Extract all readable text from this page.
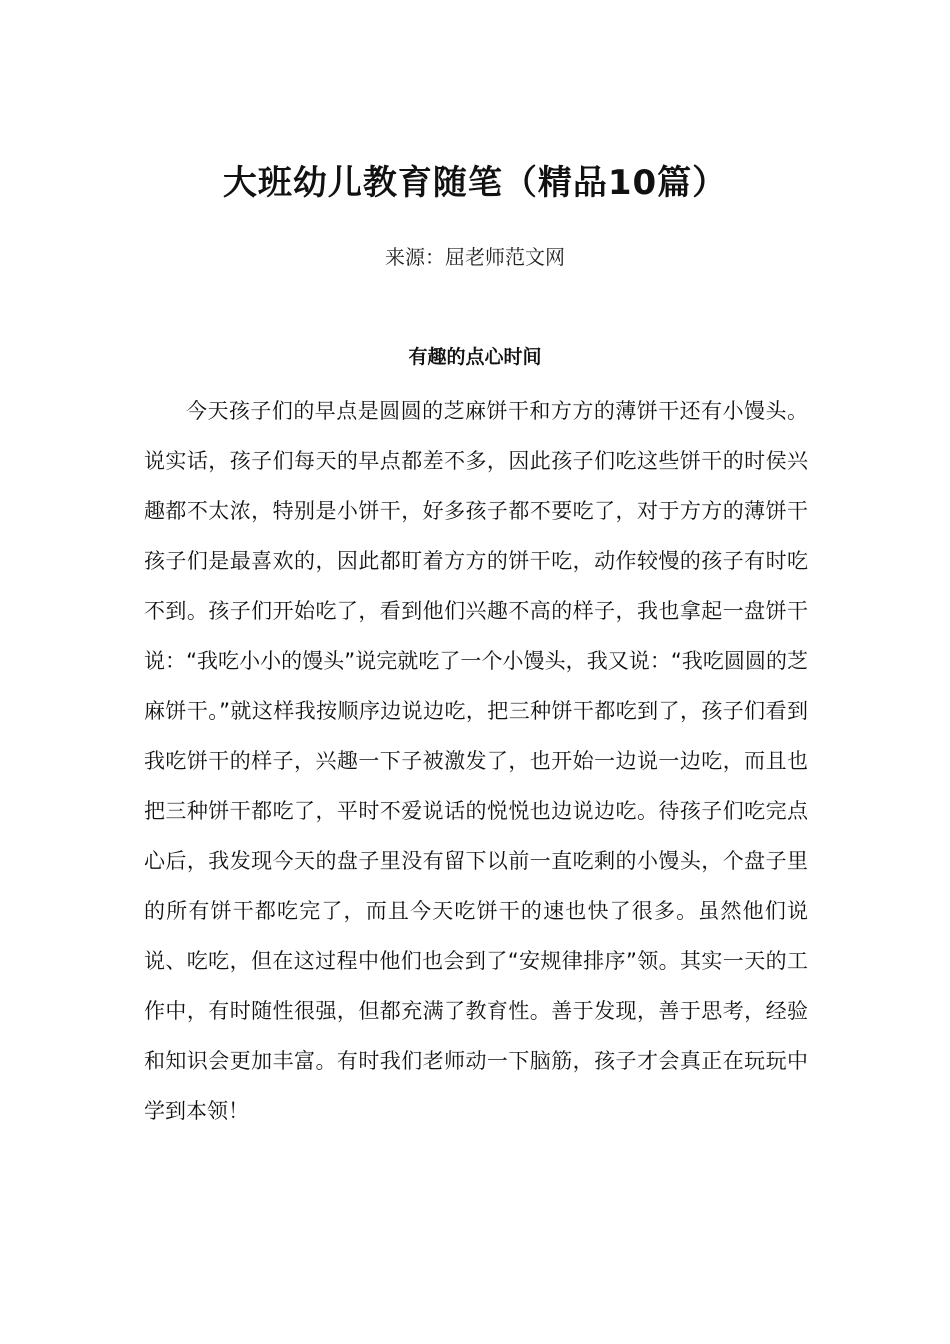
大班幼儿教育随笔（精品10篇）
来源：屈老师范文网
有趣的点心时间

今天孩子们的早点是圆圆的芝麻饼干和方方的薄饼干还有小馒头。说实话，孩子们每天的早点都差不多，因此孩子们吃这些饼干的时侯兴趣都不太浓，特别是小饼干，好多孩子都不要吃了，对于方方的薄饼干孩子们是最喜欢的，因此都盯着方方的饼干吃，动作较慢的孩子有时吃不到。孩子们开始吃了，看到他们兴趣不高的样子，我也拿起一盘饼干说：“我吃小小的馒头”说完就吃了一个小馒头，我又说：“我吃圆圆的芝麻饼干。”就这样我按顺序边说边吃，把三种饼干都吃到了，孩子们看到我吃饼干的样子，兴趣一下子被激发了，也开始一边说一边吃，而且也把三种饼干都吃了，平时不爱说话的悦悦也边说边吃。待孩子们吃完点心后，我发现今天的盘子里没有留下以前一直吃剩的小馒头，个盘子里的所有饼干都吃完了，而且今天吃饼干的速也快了很多。虽然他们说说、吃吃，但在这过程中他们也会到了“安规律排序”领。其实一天的工作中，有时随性很强，但都充满了教育性。善于发现，善于思考，经验和知识会更加丰富。有时我们老师动一下脑筋，孩子才会真正在玩玩中学到本领！
